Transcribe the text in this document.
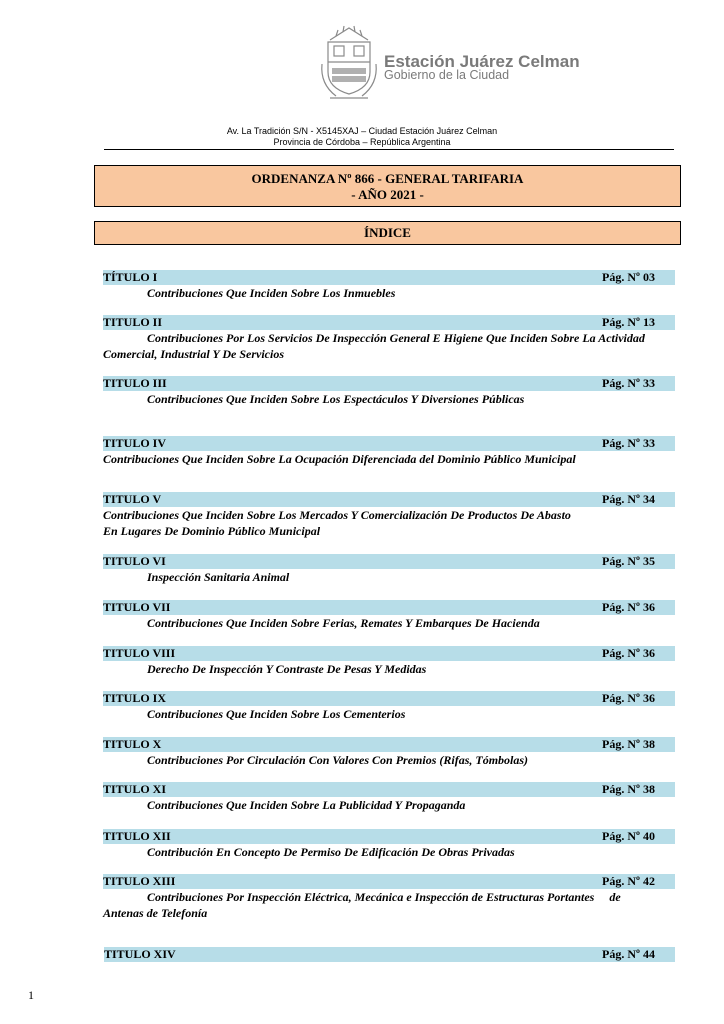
Estación Juárez Celman
Gobierno de la Ciudad
Av. La Tradición S/N - X5145XAJ – Ciudad Estación Juárez Celman
Provincia de Córdoba – República Argentina
ORDENANZA Nº 866 - GENERAL TARIFARIA
- AÑO 2021 -
ÍNDICE
TÍTULO I	Pág. Nº 03
Contribuciones Que Inciden Sobre Los Inmuebles
TITULO II	Pág. Nº 13
Contribuciones Por Los Servicios De Inspección General E Higiene Que Inciden Sobre La Actividad Comercial, Industrial Y De Servicios
TITULO III	Pág. Nº 33
Contribuciones Que Inciden Sobre Los Espectáculos Y Diversiones Públicas
TITULO IV	Pág. Nº 33
Contribuciones Que Inciden Sobre La Ocupación Diferenciada del Dominio Público Municipal
TITULO V	Pág. Nº 34
Contribuciones Que Inciden Sobre Los Mercados Y Comercialización De Productos De Abasto
En Lugares De Dominio Público Municipal
TITULO VI	Pág. Nº 35
Inspección Sanitaria Animal
TITULO VII	Pág. Nº 36
Contribuciones Que Inciden Sobre Ferias, Remates Y Embarques De Hacienda
TITULO VIII	Pág. Nº 36
Derecho De Inspección Y Contraste De Pesas Y Medidas
TITULO IX	Pág. Nº 36
Contribuciones Que Inciden Sobre Los Cementerios
TITULO X	Pág. Nº 38
Contribuciones Por Circulación Con Valores Con Premios (Rifas, Tómbolas)
TITULO XI	Pág. Nº 38
Contribuciones Que Inciden Sobre La Publicidad Y Propaganda
TITULO XII	Pág. Nº 40
Contribución En Concepto De Permiso De Edificación De Obras Privadas
TITULO XIII	Pág. Nº 42
Contribuciones Por Inspección Eléctrica, Mecánica e Inspección de Estructuras Portantes     de
Antenas de Telefonía
TITULO XIV	Pág. Nº 44
1
